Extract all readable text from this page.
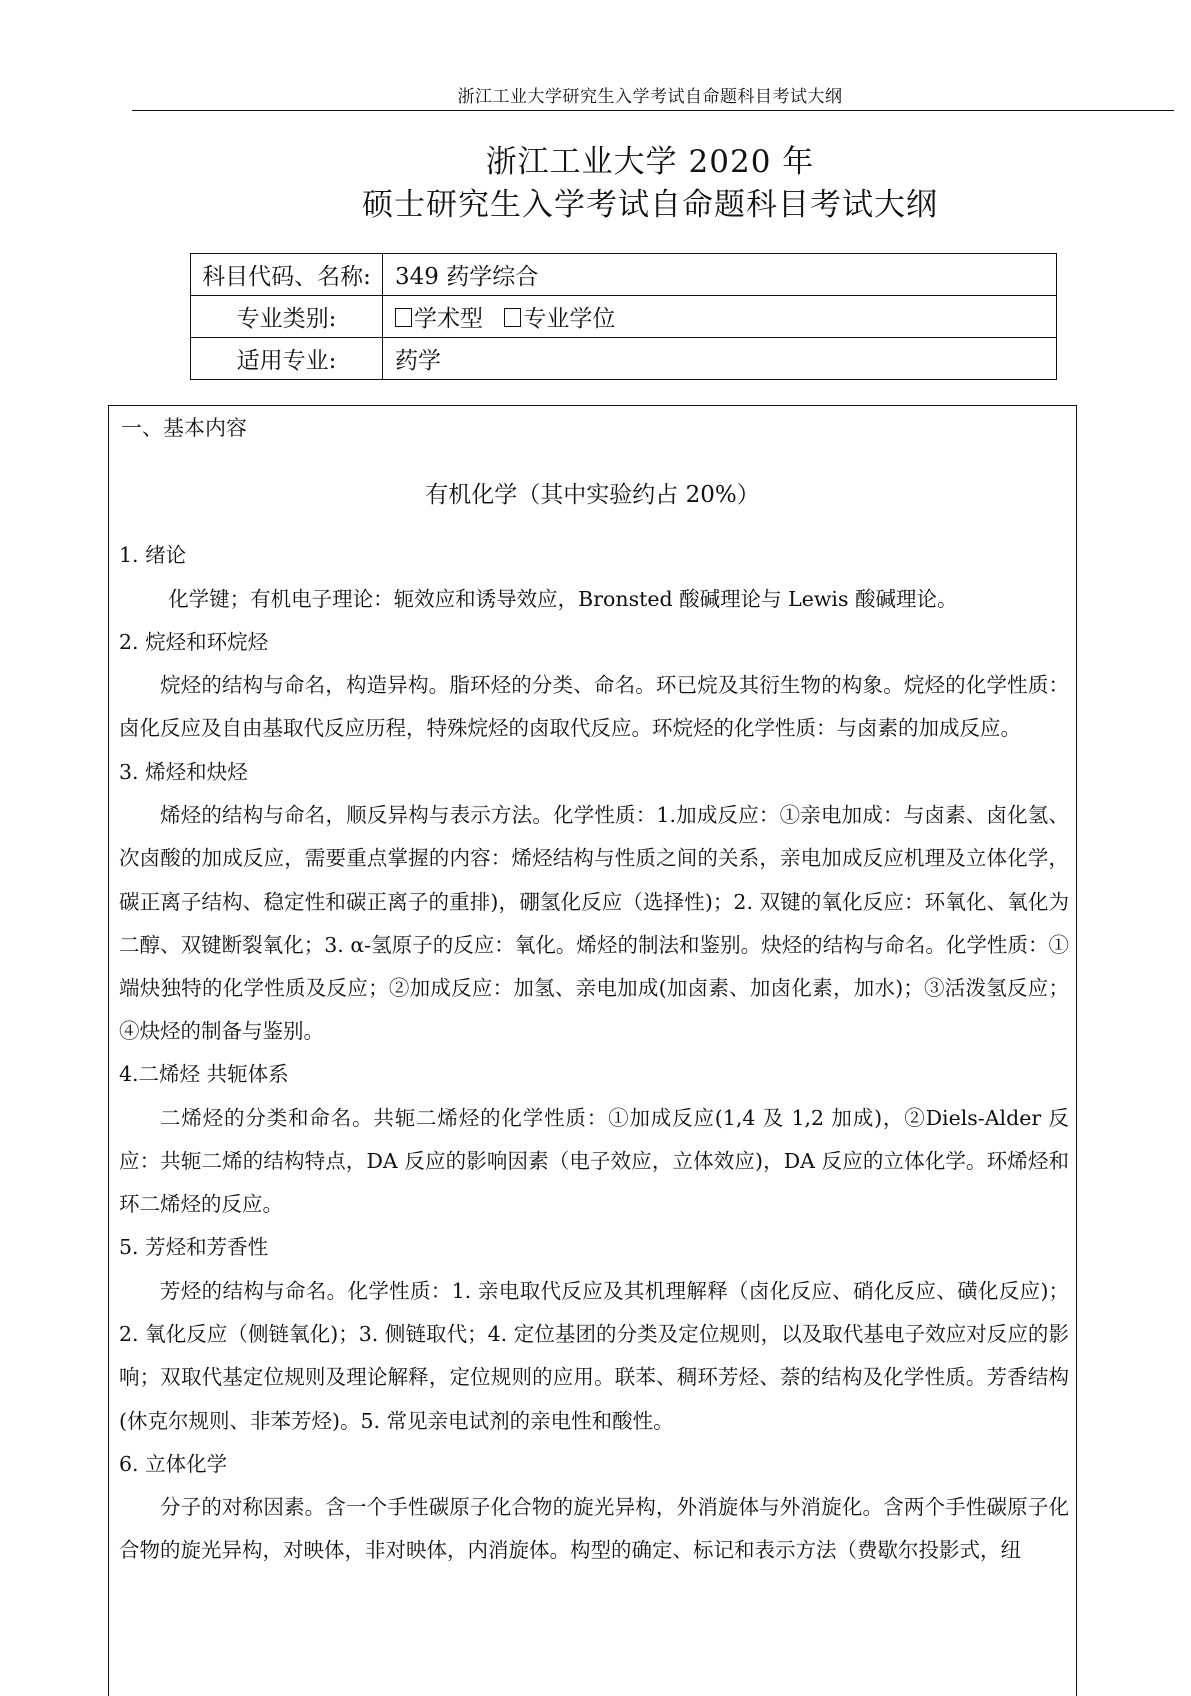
浙江工业大学研究生入学考试自命题科目考试大纲
浙江工业大学 2020 年
硕士研究生入学考试自命题科目考试大纲
科目代码、名称:	349 药学综合
专业类别:	学术型 专业学位
适用专业:	药学
一、基本内容
有机化学（其中实验约占 20%）
1. 绪论

化学键；有机电子理论：轭效应和诱导效应，Bronsted 酸碱理论与 Lewis 酸碱理论。

2. 烷烃和环烷烃

烷烃的结构与命名，构造异构。脂环烃的分类、命名。环已烷及其衍生物的构象。烷烃的化学性质：卤化反应及自由基取代反应历程，特殊烷烃的卤取代反应。环烷烃的化学性质：与卤素的加成反应。

3. 烯烃和炔烃

烯烃的结构与命名，顺反异构与表示方法。化学性质：1.加成反应：①亲电加成：与卤素、卤化氢、次卤酸的加成反应，需要重点掌握的内容：烯烃结构与性质之间的关系，亲电加成反应机理及立体化学，碳正离子结构、稳定性和碳正离子的重排)，硼氢化反应（选择性)；2. 双键的氧化反应：环氧化、氧化为二醇、双键断裂氧化；3. α-氢原子的反应：氧化。烯烃的制法和鉴别。炔烃的结构与命名。化学性质：①端炔独特的化学性质及反应；②加成反应：加氢、亲电加成(加卤素、加卤化素，加水)；③活泼氢反应；④炔烃的制备与鉴别。

4.二烯烃 共轭体系

二烯烃的分类和命名。共轭二烯烃的化学性质：①加成反应(1,4 及 1,2 加成)，②Diels-Alder 反应：共轭二烯的结构特点，DA 反应的影响因素（电子效应，立体效应)，DA 反应的立体化学。环烯烃和环二烯烃的反应。

5. 芳烃和芳香性

芳烃的结构与命名。化学性质：1. 亲电取代反应及其机理解释（卤化反应、硝化反应、磺化反应)；2. 氧化反应（侧链氧化)；3. 侧链取代；4. 定位基团的分类及定位规则，以及取代基电子效应对反应的影响；双取代基定位规则及理论解释，定位规则的应用。联苯、稠环芳烃、萘的结构及化学性质。芳香结构(休克尔规则、非苯芳烃)。5. 常见亲电试剂的亲电性和酸性。

6. 立体化学

分子的对称因素。含一个手性碳原子化合物的旋光异构，外消旋体与外消旋化。含两个手性碳原子化合物的旋光异构，对映体，非对映体，内消旋体。构型的确定、标记和表示方法（费歇尔投影式，纽
